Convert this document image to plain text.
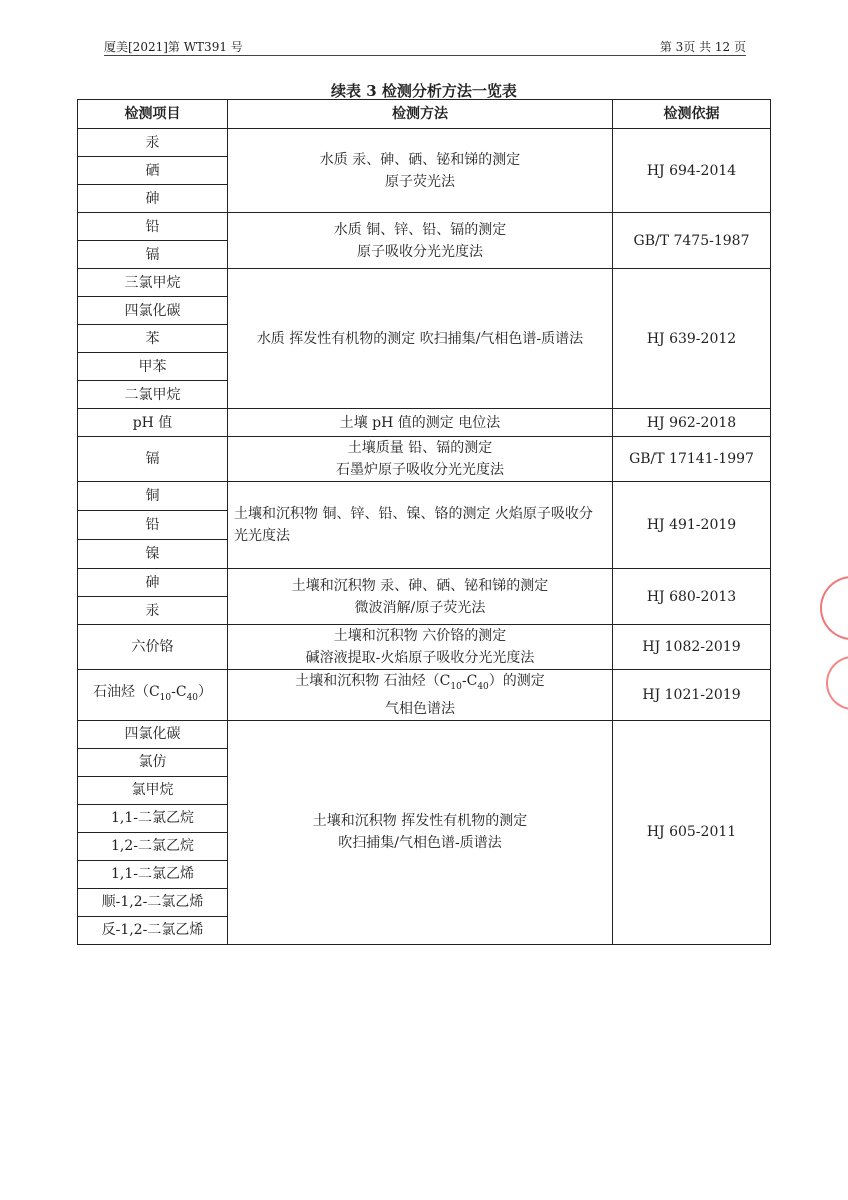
厦美[2021]第 WT391 号	第 3页 共 12 页
续表 3 检测分析方法一览表
检测项目	检测方法	检测依据
汞	水质 汞、砷、硒、铋和锑的测定
原子荧光法	HJ 694-2014
硒		
砷		
铅	水质 铜、锌、铅、镉的测定
原子吸收分光光度法	GB/T 7475-1987
镉		
三氯甲烷	水质 挥发性有机物的测定 吹扫捕集/气相色谱-质谱法	HJ 639-2012
四氯化碳		
苯		
甲苯		
二氯甲烷		
pH 值	土壤 pH 值的测定 电位法	HJ 962-2018
镉	土壤质量 铅、镉的测定
石墨炉原子吸收分光光度法	GB/T 17141-1997
铜	土壤和沉积物 铜、锌、铅、镍、铬的测定 火焰原子吸收分光光度法	HJ 491-2019
铅		
镍		
砷	土壤和沉积物 汞、砷、硒、铋和锑的测定
微波消解/原子荧光法	HJ 680-2013
汞		
六价铬	土壤和沉积物 六价铬的测定
碱溶液提取-火焰原子吸收分光光度法	HJ 1082-2019
石油烃$(C_{10}-C_{40})$	土壤和沉积物 石油烃$(C_{10}-C_{40})$的测定
气相色谱法	HJ 1021-2019
四氯化碳	土壤和沉积物 挥发性有机物的测定
吹扫捕集/气相色谱-质谱法	HJ 605-2011
氯仿		
氯甲烷		
1,1-二氯乙烷		
1,2-二氯乙烷		
1,1-二氯乙烯		
顺-1,2-二氯乙烯		
反-1,2-二氯乙烯		
